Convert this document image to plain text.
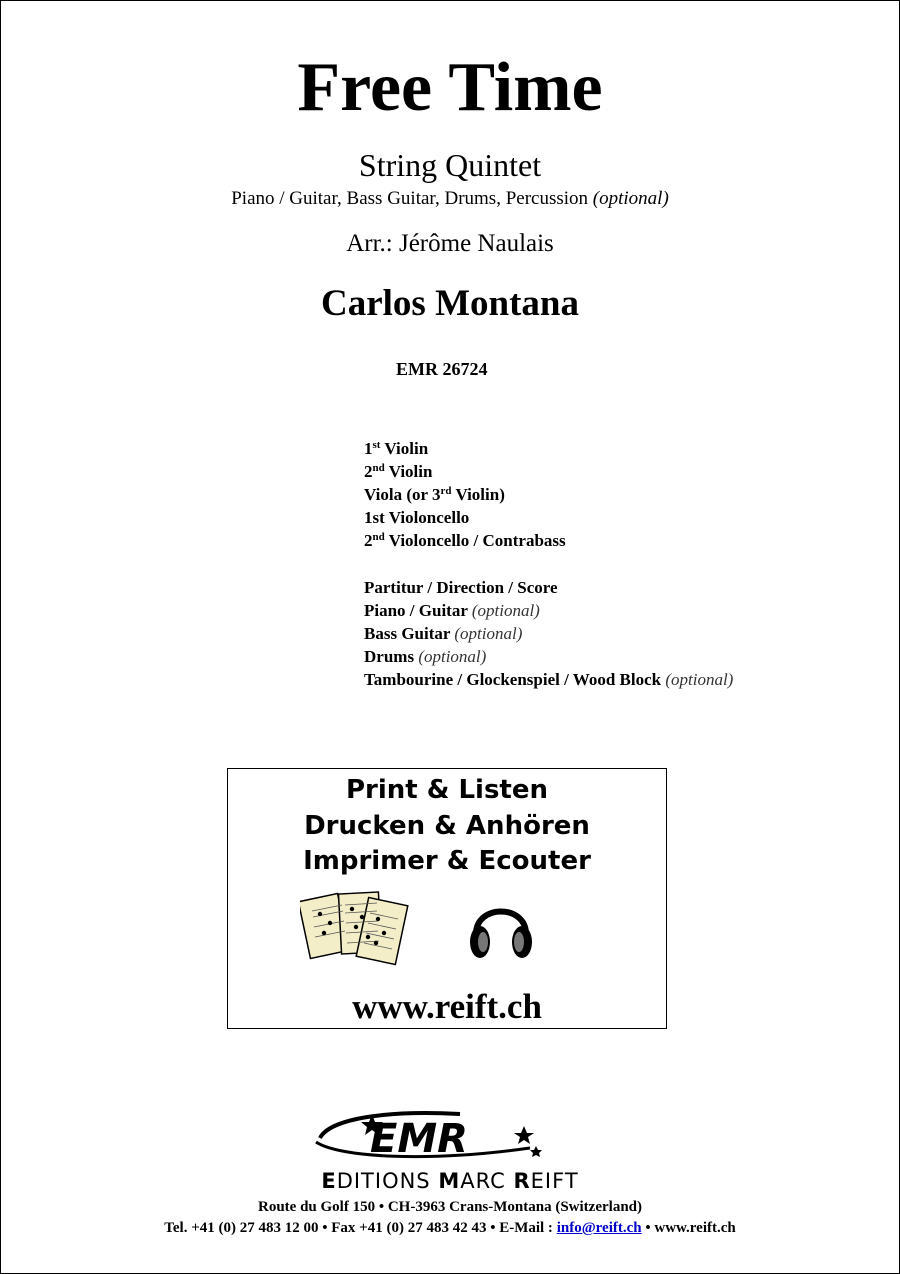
Free Time
String Quintet
Piano / Guitar, Bass Guitar, Drums, Percussion (optional)
Arr.: Jérôme Naulais
Carlos Montana
EMR 26724
1st Violin
2nd Violin
Viola (or 3rd Violin)
1st Violoncello
2nd Violoncello / Contrabass
Partitur / Direction / Score
Piano / Guitar (optional)
Bass Guitar (optional)
Drums (optional)
Tambourine / Glockenspiel / Wood Block (optional)
Print & Listen
Drucken & Anhören
Imprimer & Ecouter
www.reift.ch
EMR
EDITIONS MARC REIFT
Route du Golf 150 • CH-3963 Crans-Montana (Switzerland)
Tel. +41 (0) 27 483 12 00 • Fax +41 (0) 27 483 42 43 • E-Mail : info@reift.ch • www.reift.ch
